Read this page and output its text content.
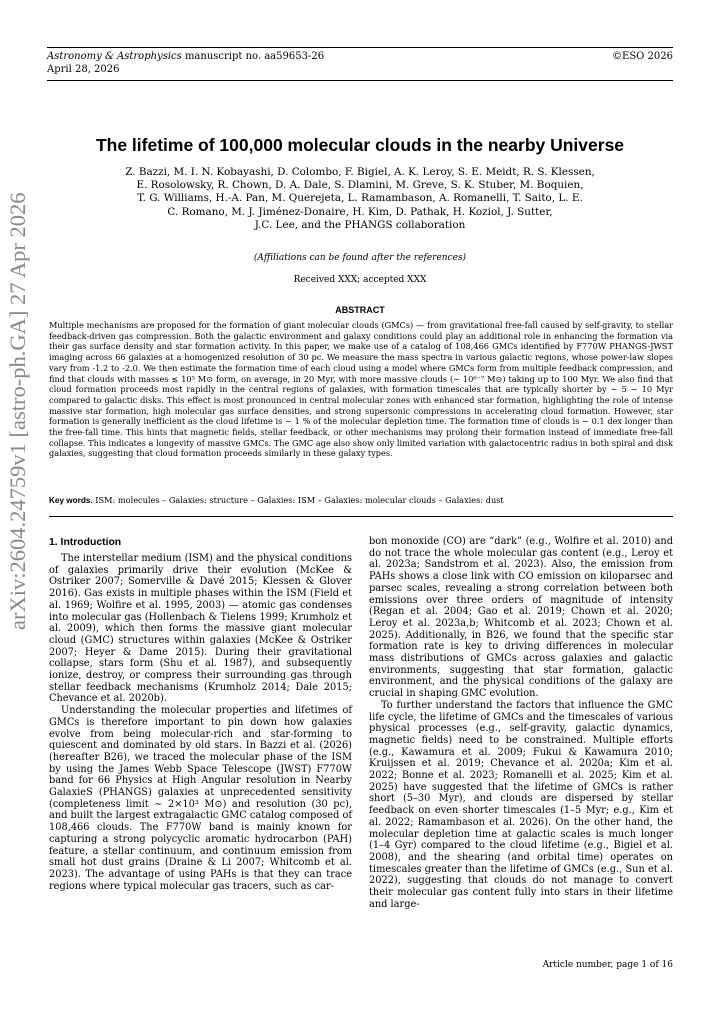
Astronomy & Astrophysics manuscript no. aa59653-26
April 28, 2026
©ESO 2026
arXiv:2604.24759v1 [astro-ph.GA] 27 Apr 2026
The lifetime of 100,000 molecular clouds in the nearby Universe
Z. Bazzi, M. I. N. Kobayashi, D. Colombo, F. Bigiel, A. K. Leroy, S. E. Meidt, R. S. Klessen,
E. Rosolowsky, R. Chown, D. A. Dale, S. Dlamini, M. Greve, S. K. Stuber, M. Boquien,
T. G. Williams, H.-A. Pan, M. Querejeta, L. Ramambason, A. Romanelli, T. Saito, L. E.
C. Romano, M. J. Jiménez-Donaire, H. Kim, D. Pathak, H. Koziol, J. Sutter,
J.C. Lee, and the PHANGS collaboration
(Affiliations can be found after the references)
Received XXX; accepted XXX
ABSTRACT
Multiple mechanisms are proposed for the formation of giant molecular clouds (GMCs) — from gravitational free-fall caused by self-gravity, to stellar feedback-driven gas compression. Both the galactic environment and galaxy conditions could play an additional role in enhancing the formation via their gas surface density and star formation activity. In this paper, we make use of a catalog of 108,466 GMCs identified by F770W PHANGS-JWST imaging across 66 galaxies at a homogenized resolution of 30 pc. We measure the mass spectra in various galactic regions, whose power-law slopes vary from -1.2 to -2.0. We then estimate the formation time of each cloud using a model where GMCs form from multiple feedback compression, and find that clouds with masses ≲ 10⁵ M⊙ form, on average, in 20 Myr, with more massive clouds (∼ 10⁶⁻⁷ M⊙) taking up to 100 Myr. We also find that cloud formation proceeds most rapidly in the central regions of galaxies, with formation timescales that are typically shorter by ∼ 5 − 10 Myr compared to galactic disks. This effect is most pronounced in central molecular zones with enhanced star formation, highlighting the role of intense massive star formation, high molecular gas surface densities, and strong supersonic compressions in accelerating cloud formation. However, star formation is generally inefficient as the cloud lifetime is ∼ 1 % of the molecular depletion time. The formation time of clouds is ∼ 0.1 dex longer than the free-fall time. This hints that magnetic fields, stellar feedback, or other mechanisms may prolong their formation instead of immediate free-fall collapse. This indicates a longevity of massive GMCs. The GMC age also show only limited variation with galactocentric radius in both spiral and disk galaxies, suggesting that cloud formation proceeds similarly in these galaxy types.
Key words. ISM: molecules – Galaxies: structure – Galaxies: ISM – Galaxies: molecular clouds – Galaxies: dust
1. Introduction

The interstellar medium (ISM) and the physical conditions of galaxies primarily drive their evolution (McKee & Ostriker 2007; Somerville & Davé 2015; Klessen & Glover 2016). Gas exists in multiple phases within the ISM (Field et al. 1969; Wolfire et al. 1995, 2003) — atomic gas condenses into molecular gas (Hollenbach & Tielens 1999; Krumholz et al. 2009), which then forms the massive giant molecular cloud (GMC) structures within galaxies (McKee & Ostriker 2007; Heyer & Dame 2015). During their gravitational collapse, stars form (Shu et al. 1987), and subsequently ionize, destroy, or compress their surrounding gas through stellar feedback mechanisms (Krumholz 2014; Dale 2015; Chevance et al. 2020b).

Understanding the molecular properties and lifetimes of GMCs is therefore important to pin down how galaxies evolve from being molecular-rich and star-forming to quiescent and dominated by old stars. In Bazzi et al. (2026) (hereafter B26), we traced the molecular phase of the ISM by using the James Webb Space Telescope (JWST) F770W band for 66 Physics at High Angular resolution in Nearby GalaxieS (PHANGS) galaxies at unprecedented sensitivity (completeness limit ∼ 2×10³ M⊙) and resolution (30 pc), and built the largest extragalactic GMC catalog composed of 108,466 clouds. The F770W band is mainly known for capturing a strong polycyclic aromatic hydrocarbon (PAH) feature, a stellar continuum, and continuum emission from small hot dust grains (Draine & Li 2007; Whitcomb et al. 2023). The advantage of using PAHs is that they can trace regions where typical molecular gas tracers, such as car-

bon monoxide (CO) are “dark” (e.g., Wolfire et al. 2010) and do not trace the whole molecular gas content (e.g., Leroy et al. 2023a; Sandstrom et al. 2023). Also, the emission from PAHs shows a close link with CO emission on kiloparsec and parsec scales, revealing a strong correlation between both emissions over three orders of magnitude of intensity (Regan et al. 2004; Gao et al. 2019; Chown et al. 2020; Leroy et al. 2023a,b; Whitcomb et al. 2023; Chown et al. 2025). Additionally, in B26, we found that the specific star formation rate is key to driving differences in molecular mass distributions of GMCs across galaxies and galactic environments, suggesting that star formation, galactic environment, and the physical conditions of the galaxy are crucial in shaping GMC evolution.

To further understand the factors that influence the GMC life cycle, the lifetime of GMCs and the timescales of various physical processes (e.g., self-gravity, galactic dynamics, magnetic fields) need to be constrained. Multiple efforts (e.g., Kawamura et al. 2009; Fukui & Kawamura 2010; Kruijssen et al. 2019; Chevance et al. 2020a; Kim et al. 2022; Bonne et al. 2023; Romanelli et al. 2025; Kim et al. 2025) have suggested that the lifetime of GMCs is rather short (5–30 Myr), and clouds are dispersed by stellar feedback on even shorter timescales (1–5 Myr; e.g., Kim et al. 2022; Ramambason et al. 2026). On the other hand, the molecular depletion time at galactic scales is much longer (1–4 Gyr) compared to the cloud lifetime (e.g., Bigiel et al. 2008), and the shearing (and orbital time) operates on timescales greater than the lifetime of GMCs (e.g., Sun et al. 2022), suggesting that clouds do not manage to convert their molecular gas content fully into stars in their lifetime and large-

Article number, page 1 of 16
